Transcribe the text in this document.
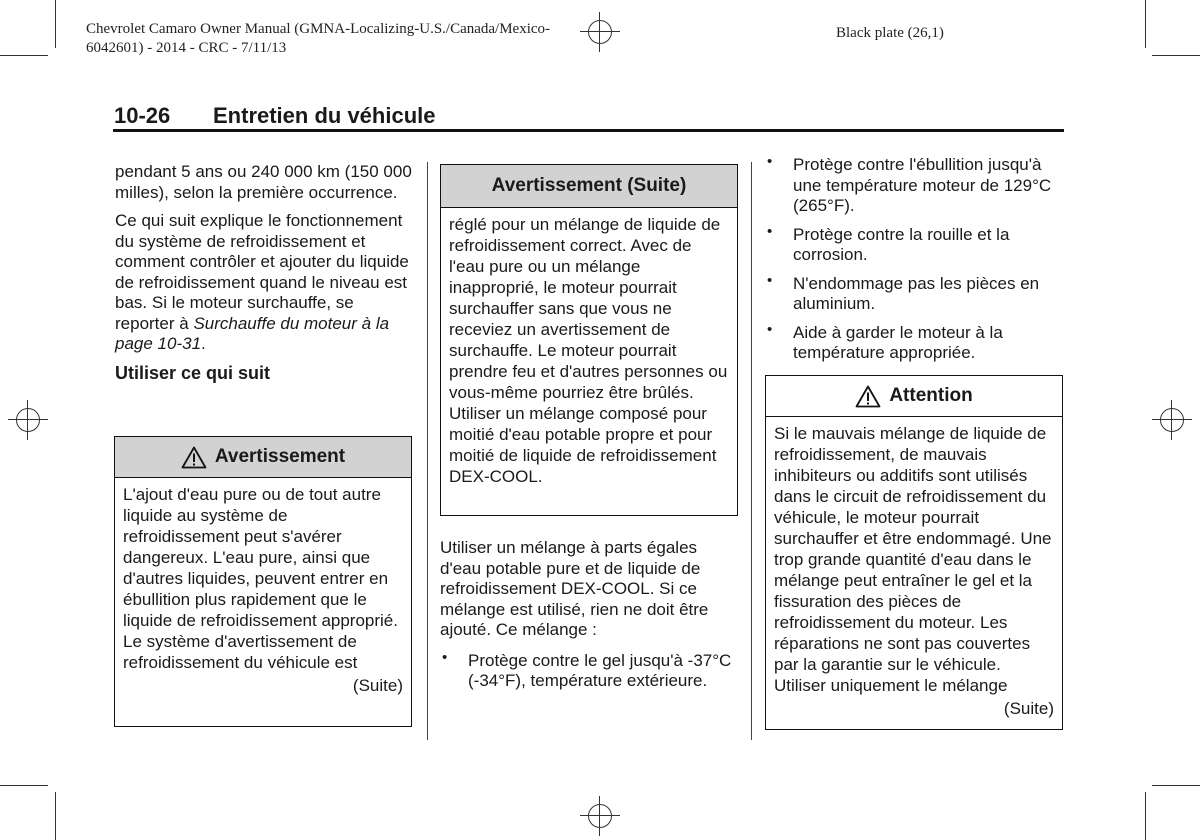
Chevrolet Camaro Owner Manual (GMNA-Localizing-U.S./Canada/Mexico-
6042601) - 2014 - CRC - 7/11/13
Black plate (26,1)
10-26 Entretien du véhicule

pendant 5 ans ou 240 000 km (150 000 milles), selon la première occurrence.

Ce qui suit explique le fonctionnement du système de refroidissement et comment contrôler et ajouter du liquide de refroidissement quand le niveau est bas. Si le moteur surchauffe, se reporter à Surchauffe du moteur à la page 10-31.

Utiliser ce qui suit
Avertissement

L'ajout d'eau pure ou de tout autre liquide au système de refroidissement peut s'avérer dangereux. L'eau pure, ainsi que d'autres liquides, peuvent entrer en ébullition plus rapidement que le liquide de refroidissement approprié. Le système d'avertissement de refroidissement du véhicule est

(Suite)
Avertissement (Suite)

réglé pour un mélange de liquide de refroidissement correct. Avec de l'eau pure ou un mélange inapproprié, le moteur pourrait surchauffer sans que vous ne receviez un avertissement de surchauffe. Le moteur pourrait prendre feu et d'autres personnes ou vous-même pourriez être brûlés. Utiliser un mélange composé pour moitié d'eau potable propre et pour moitié de liquide de refroidissement DEX-COOL.

Utiliser un mélange à parts égales d'eau potable pure et de liquide de refroidissement DEX-COOL. Si ce mélange est utilisé, rien ne doit être ajouté. Ce mélange :

• Protège contre le gel jusqu'à -37°C (-34°F), température extérieure.
• Protège contre l'ébullition jusqu'à une température moteur de 129°C (265°F).
• Protège contre la rouille et la corrosion.
• N'endommage pas les pièces en aluminium.
• Aide à garder le moteur à la température appropriée.
Attention

Si le mauvais mélange de liquide de refroidissement, de mauvais inhibiteurs ou additifs sont utilisés dans le circuit de refroidissement du véhicule, le moteur pourrait surchauffer et être endommagé. Une trop grande quantité d'eau dans le mélange peut entraîner le gel et la fissuration des pièces de refroidissement du moteur. Les réparations ne sont pas couvertes par la garantie sur le véhicule. Utiliser uniquement le mélange

(Suite)
